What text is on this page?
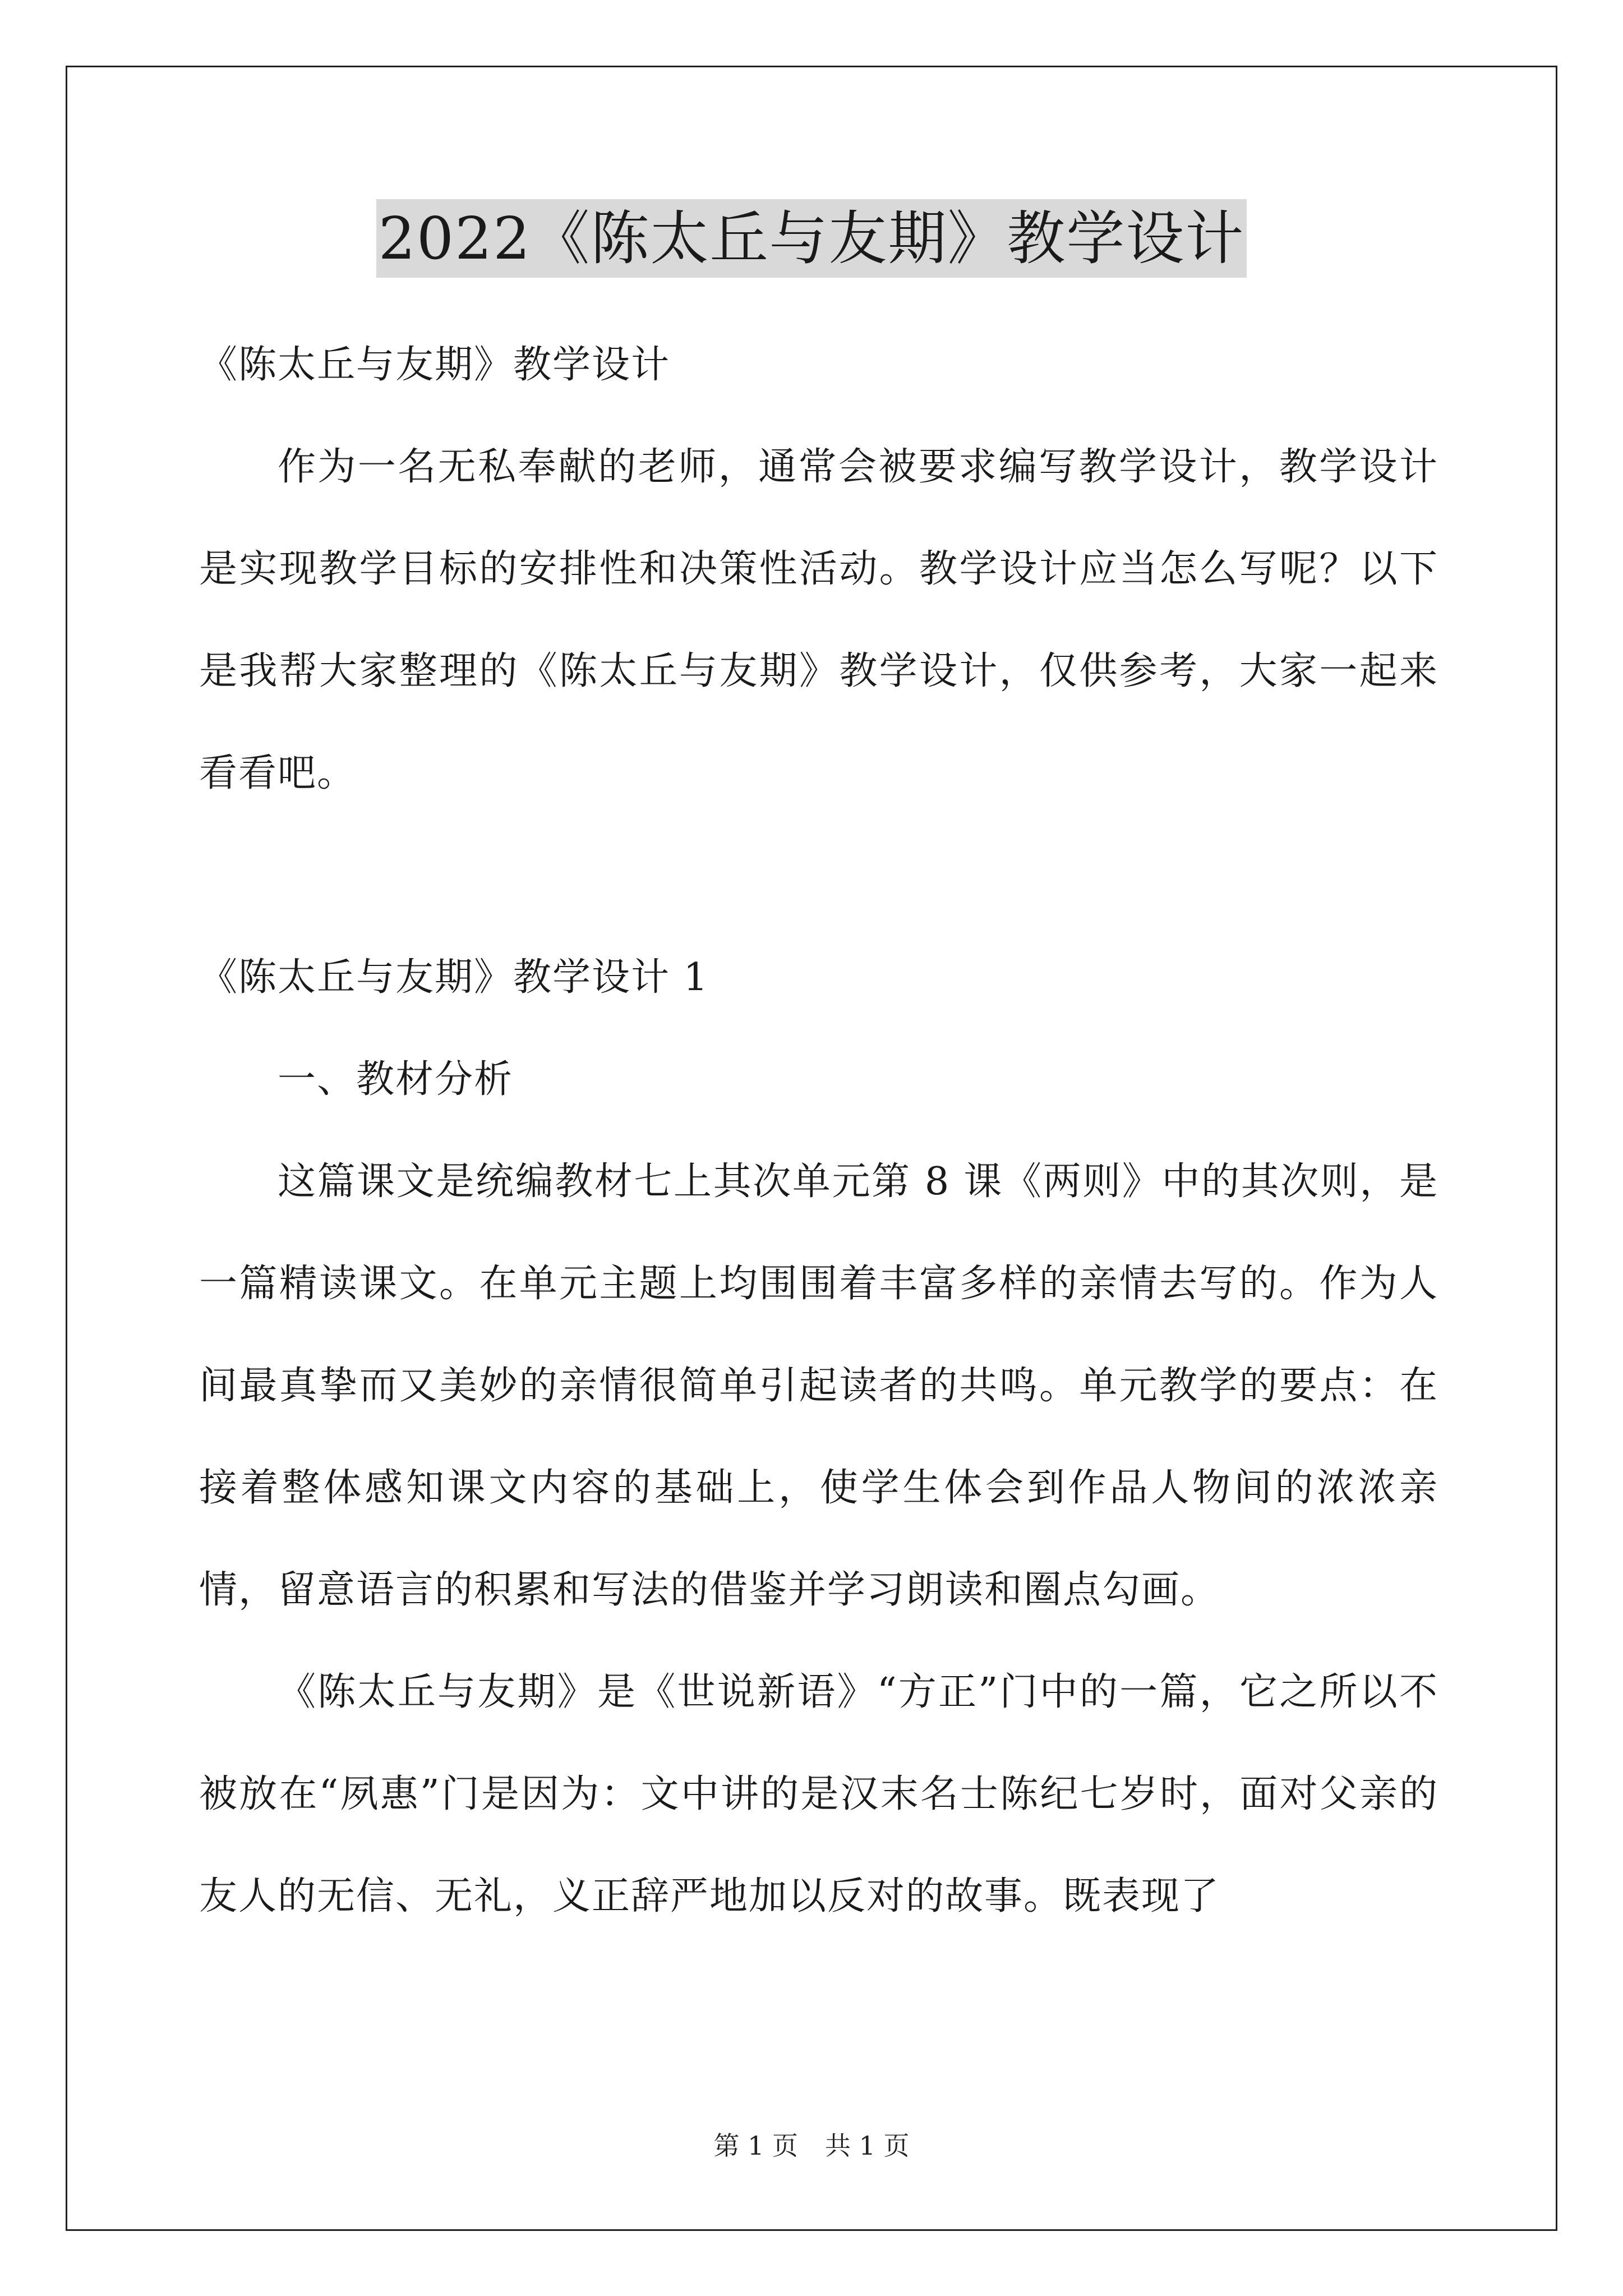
2022《陈太丘与友期》教学设计

《陈太丘与友期》教学设计

作为一名无私奉献的老师，通常会被要求编写教学设计，教学设计是实现教学目标的安排性和决策性活动。教学设计应当怎么写呢？以下是我帮大家整理的《陈太丘与友期》教学设计，仅供参考，大家一起来看看吧。

《陈太丘与友期》教学设计 1

一、教材分析

这篇课文是统编教材七上其次单元第 8 课《两则》中的其次则，是一篇精读课文。在单元主题上均围围着丰富多样的亲情去写的。作为人间最真挚而又美妙的亲情很简单引起读者的共鸣。单元教学的要点：在接着整体感知课文内容的基础上，使学生体会到作品人物间的浓浓亲情，留意语言的积累和写法的借鉴并学习朗读和圈点勾画。

《陈太丘与友期》是《世说新语》“方正”门中的一篇，它之所以不被放在“夙惠”门是因为：文中讲的是汉末名士陈纪七岁时，面对父亲的友人的无信、无礼，义正辞严地加以反对的故事。既表现了

第 1 页 共 1 页
